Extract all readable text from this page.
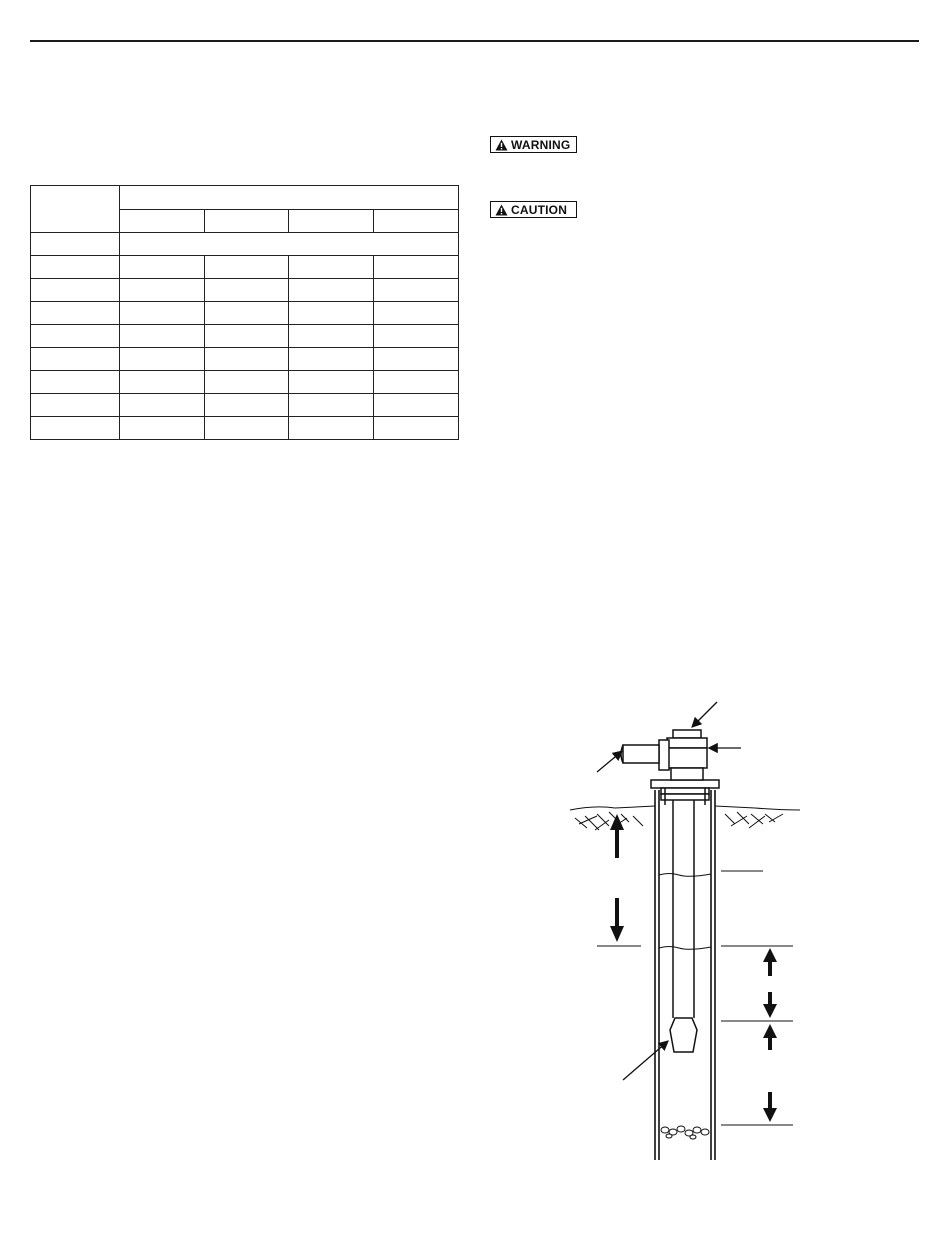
WARNING
CAUTION
